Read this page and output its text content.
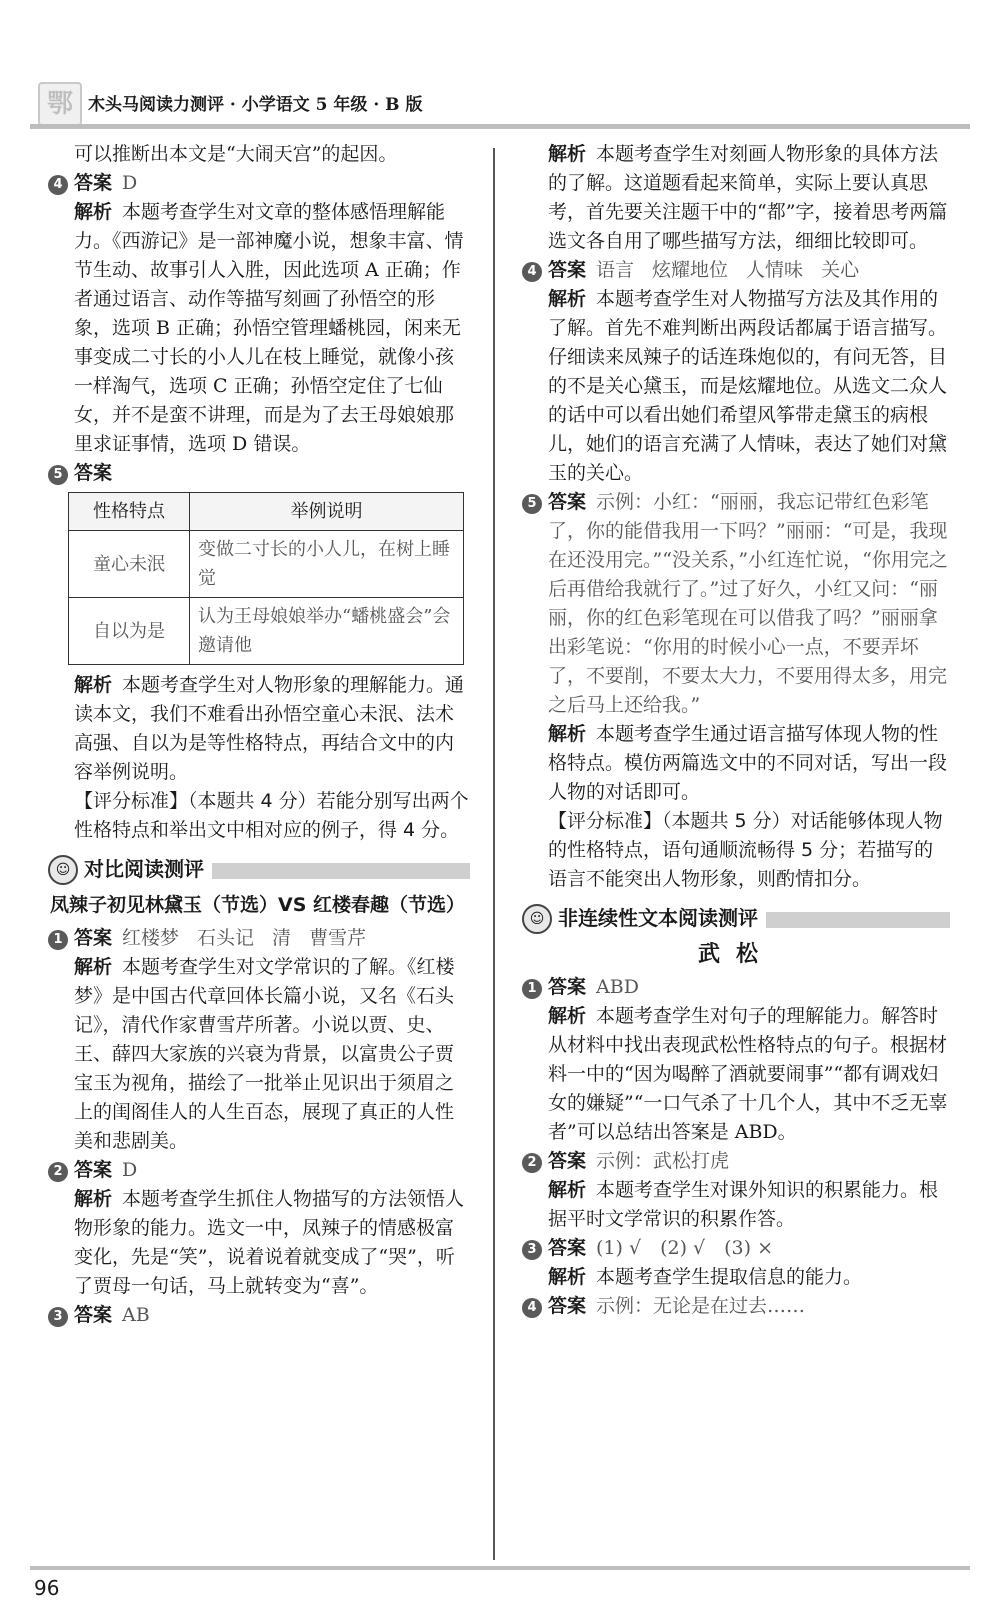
鄂 木头马阅读力测评 · 小学语文 5 年级 · B 版

可以推断出本文是“大闹天宫”的起因。

4 答案 D

解析 本题考查学生对文章的整体感悟理解能力。《西游记》是一部神魔小说，想象丰富、情节生动、故事引人入胜，因此选项 A 正确；作者通过语言、动作等描写刻画了孙悟空的形象，选项 B 正确；孙悟空管理蟠桃园，闲来无事变成二寸长的小人儿在枝上睡觉，就像小孩一样淘气，选项 C 正确；孙悟空定住了七仙女，并不是蛮不讲理，而是为了去王母娘娘那里求证事情，选项 D 错误。

5 答案

性格特点	举例说明
童心未泯	变做二寸长的小人儿，在树上睡觉
自以为是	认为王母娘娘举办“蟠桃盛会”会邀请他

解析 本题考查学生对人物形象的理解能力。通读本文，我们不难看出孙悟空童心未泯、法术高强、自以为是等性格特点，再结合文中的内容举例说明。

【评分标准】（本题共 4 分）若能分别写出两个性格特点和举出文中相对应的例子，得 4 分。

☺ 对比阅读测评
凤辣子初见林黛玉（节选）VS 红楼春趣（节选）
1 答案 红楼梦 石头记 清 曹雪芹

解析 本题考查学生对文学常识的了解。《红楼梦》是中国古代章回体长篇小说，又名《石头记》，清代作家曹雪芹所著。小说以贾、史、王、薛四大家族的兴衰为背景，以富贵公子贾宝玉为视角，描绘了一批举止见识出于须眉之上的闺阁佳人的人生百态，展现了真正的人性美和悲剧美。

2 答案 D

解析 本题考查学生抓住人物描写的方法领悟人物形象的能力。选文一中，凤辣子的情感极富变化，先是“笑”，说着说着就变成了“哭”，听了贾母一句话，马上就转变为“喜”。

3 答案 AB

解析 本题考查学生对刻画人物形象的具体方法的了解。这道题看起来简单，实际上要认真思考，首先要关注题干中的“都”字，接着思考两篇选文各自用了哪些描写方法，细细比较即可。

4 答案 语言 炫耀地位 人情味 关心

解析 本题考查学生对人物描写方法及其作用的了解。首先不难判断出两段话都属于语言描写。仔细读来凤辣子的话连珠炮似的，有问无答，目的不是关心黛玉，而是炫耀地位。从选文二众人的话中可以看出她们希望风筝带走黛玉的病根儿，她们的语言充满了人情味，表达了她们对黛玉的关心。

5 答案 示例：小红：“丽丽，我忘记带红色彩笔了，你的能借我用一下吗？”丽丽：“可是，我现在还没用完。”“没关系，”小红连忙说，“你用完之后再借给我就行了。”过了好久，小红又问：“丽丽，你的红色彩笔现在可以借我了吗？”丽丽拿出彩笔说：“你用的时候小心一点，不要弄坏了，不要削，不要太大力，不要用得太多，用完之后马上还给我。”

解析 本题考查学生通过语言描写体现人物的性格特点。模仿两篇选文中的不同对话，写出一段人物的对话即可。

【评分标准】（本题共 5 分）对话能够体现人物的性格特点，语句通顺流畅得 5 分；若描写的语言不能突出人物形象，则酌情扣分。

☺ 非连续性文本阅读测评
武松
1 答案 ABD

解析 本题考查学生对句子的理解能力。解答时从材料中找出表现武松性格特点的句子。根据材料一中的“因为喝醉了酒就要闹事”“都有调戏妇女的嫌疑”“一口气杀了十几个人，其中不乏无辜者”可以总结出答案是 ABD。

2 答案 示例：武松打虎

解析 本题考查学生对课外知识的积累能力。根据平时文学常识的积累作答。

3 答案 (1) √　(2) √　(3) ×

解析 本题考查学生提取信息的能力。

4 答案 示例：无论是在过去……

96
